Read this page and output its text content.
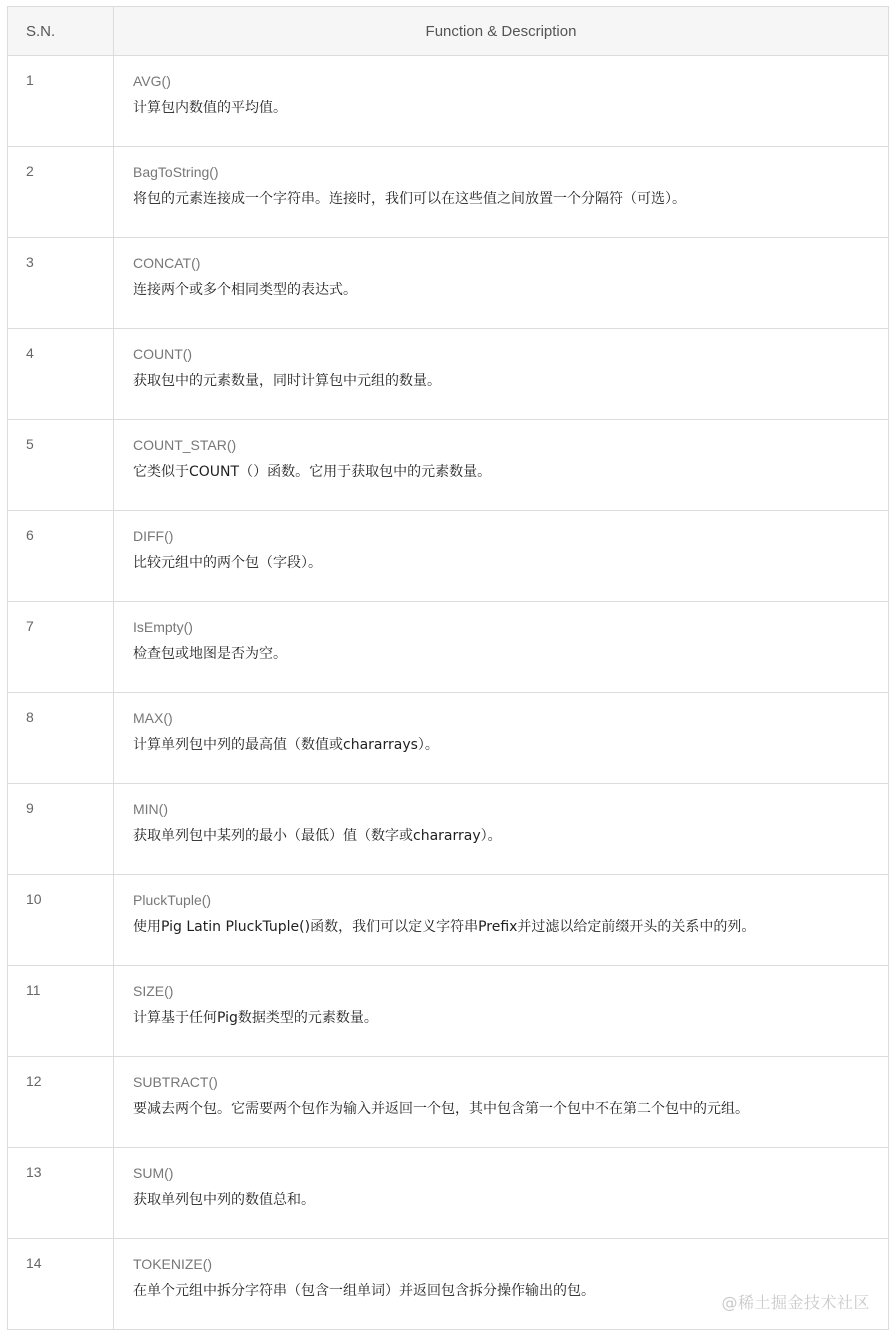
S.N.	Function & Description
1	AVG()
计算包内数值的平均值。

2	BagToString()
将包的元素连接成一个字符串。连接时，我们可以在这些值之间放置一个分隔符（可选）。

3	CONCAT()
连接两个或多个相同类型的表达式。

4	COUNT()
获取包中的元素数量，同时计算包中元组的数量。

5	COUNT_STAR()
它类似于COUNT（）函数。它用于获取包中的元素数量。

6	DIFF()
比较元组中的两个包（字段）。

7	IsEmpty()
检查包或地图是否为空。

8	MAX()
计算单列包中列的最高值（数值或chararrays）。

9	MIN()
获取单列包中某列的最小（最低）值（数字或chararray）。

10	PluckTuple()
使用Pig Latin PluckTuple()函数，我们可以定义字符串Prefix并过滤以给定前缀开头的关系中的列。

11	SIZE()
计算基于任何Pig数据类型的元素数量。

12	SUBTRACT()
要减去两个包。它需要两个包作为输入并返回一个包，其中包含第一个包中不在第二个包中的元组。

13	SUM()
获取单列包中列的数值总和。

14	TOKENIZE()
在单个元组中拆分字符串（包含一组单词）并返回包含拆分操作输出的包。
@稀土掘金技术社区
